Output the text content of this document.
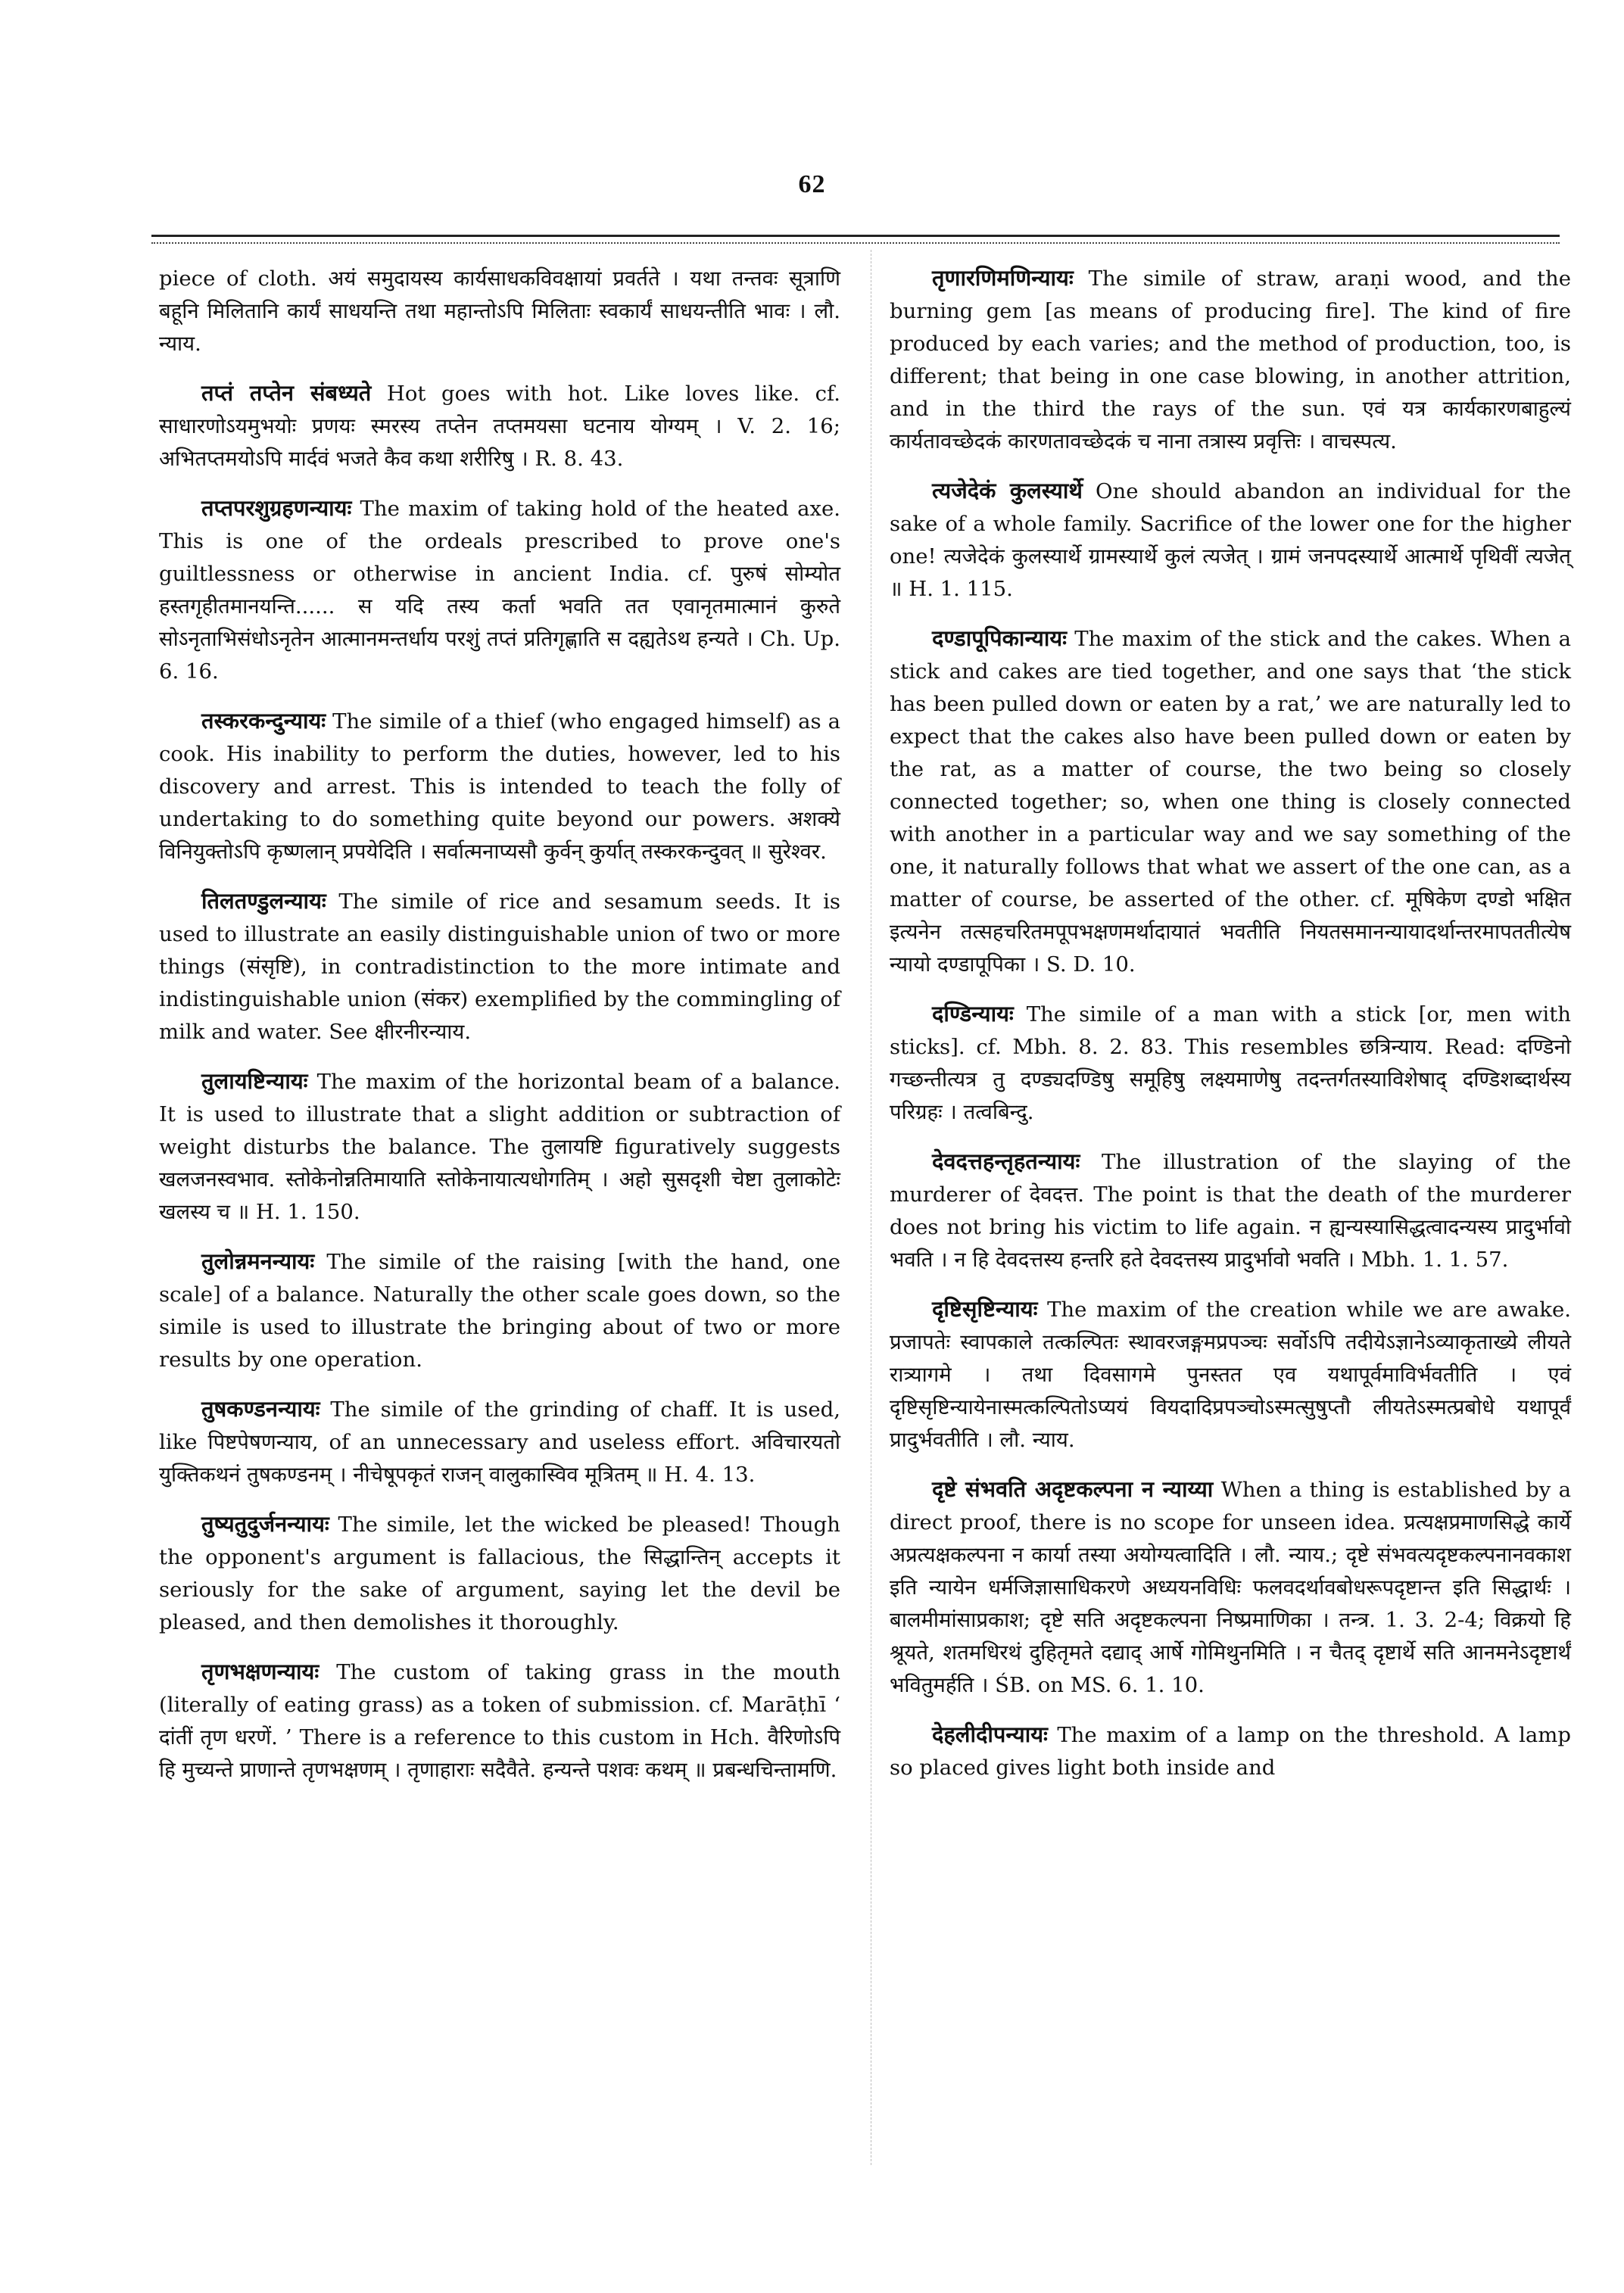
62

piece of cloth. अयं समुदायस्य कार्यसाधकविवक्षायां प्रवर्तते । यथा तन्तवः सूत्राणि बहूनि मिलितानि कार्यं साधयन्ति तथा महान्तोऽपि मिलिताः स्वकार्यं साधयन्तीति भावः । लौ. न्याय.

तप्तं तप्तेन संबध्यते Hot goes with hot. Like loves like. cf. साधारणोऽयमुभयोः प्रणयः स्मरस्य तप्तेन तप्तमयसा घटनाय योग्यम् । V. 2. 16; अभितप्तमयोऽपि मार्दवं भजते कैव कथा शरीरिषु । R. 8. 43.

तप्तपरशुग्रहणन्यायः The maxim of taking hold of the heated axe. This is one of the ordeals prescribed to prove one's guiltlessness or otherwise in ancient India. cf. पुरुषं सोम्योत हस्तगृहीतमानयन्ति...... स यदि तस्य कर्ता भवति तत एवानृतमात्मानं कुरुते सोऽनृताभिसंधोऽनृतेन आत्मानमन्तर्धाय परशुं तप्तं प्रतिगृह्णाति स दह्यतेऽथ हन्यते । Ch. Up. 6. 16.

तस्करकन्दुन्यायः The simile of a thief (who engaged himself) as a cook. His inability to perform the duties, however, led to his discovery and arrest. This is intended to teach the folly of undertaking to do something quite beyond our powers. अशक्ये विनियुक्तोऽपि कृष्णलान् प्रपयेदिति । सर्वात्मनाप्यसौ कुर्वन् कुर्यात् तस्करकन्दुवत् ॥ सुरेश्वर.

तिलतण्डुलन्यायः The simile of rice and sesamum seeds. It is used to illustrate an easily distinguishable union of two or more things (संसृष्टि), in contradistinction to the more intimate and indistinguishable union (संकर) exemplified by the commingling of milk and water. See क्षीरनीरन्याय.

तुलायष्टिन्यायः The maxim of the horizontal beam of a balance. It is used to illustrate that a slight addition or subtraction of weight disturbs the balance. The तुलायष्टि figuratively suggests खलजनस्वभाव. स्तोकेनोन्नतिमायाति स्तोकेनायात्यधोगतिम् । अहो सुसदृशी चेष्टा तुलाकोटेः खलस्य च ॥ H. 1. 150.

तुलोन्नमनन्यायः The simile of the raising [with the hand, one scale] of a balance. Naturally the other scale goes down, so the simile is used to illustrate the bringing about of two or more results by one operation.

तुषकण्डनन्यायः The simile of the grinding of chaff. It is used, like पिष्टपेषणन्याय, of an unnecessary and useless effort. अविचारयतो युक्तिकथनं तुषकण्डनम् । नीचेषूपकृतं राजन् वालुकास्विव मूत्रितम् ॥ H. 4. 13.

तुष्यतुदुर्जनन्यायः The simile, let the wicked be pleased! Though the opponent's argument is fallacious, the सिद्धान्तिन् accepts it seriously for the sake of argument, saying let the devil be pleased, and then demolishes it thoroughly.

तृणभक्षणन्यायः The custom of taking grass in the mouth (literally of eating grass) as a token of submission. cf. Marāṭhī ‘ दांतीं तृण धरणें. ’ There is a reference to this custom in Hch. वैरिणोऽपि हि मुच्यन्ते प्राणान्ते तृणभक्षणम् । तृणाहाराः सदैवैते. हन्यन्ते पशवः कथम् ॥ प्रबन्धचिन्तामणि.

तृणारणिमणिन्यायः The simile of straw, araṇi wood, and the burning gem [as means of producing fire]. The kind of fire produced by each varies; and the method of production, too, is different; that being in one case blowing, in another attrition, and in the third the rays of the sun. एवं यत्र कार्यकारणबाहुल्यं कार्यतावच्छेदकं कारणतावच्छेदकं च नाना तत्रास्य प्रवृत्तिः । वाचस्पत्य.

त्यजेदेकं कुलस्यार्थे One should abandon an individual for the sake of a whole family. Sacrifice of the lower one for the higher one! त्यजेदेकं कुलस्यार्थे ग्रामस्यार्थे कुलं त्यजेत् । ग्रामं जनपदस्यार्थे आत्मार्थे पृथिवीं त्यजेत् ॥ H. 1. 115.

दण्डापूपिकान्यायः The maxim of the stick and the cakes. When a stick and cakes are tied together, and one says that ‘the stick has been pulled down or eaten by a rat,’ we are naturally led to expect that the cakes also have been pulled down or eaten by the rat, as a matter of course, the two being so closely connected together; so, when one thing is closely connected with another in a particular way and we say something of the one, it naturally follows that what we assert of the one can, as a matter of course, be asserted of the other. cf. मूषिकेण दण्डो भक्षित इत्यनेन तत्सहचरितमपूपभक्षणमर्थादायातं भवतीति नियतसमानन्यायादर्थान्तरमापततीत्येष न्यायो दण्डापूपिका । S. D. 10.

दण्डिन्यायः The simile of a man with a stick [or, men with sticks]. cf. Mbh. 8. 2. 83. This resembles छत्रिन्याय. Read: दण्डिनो गच्छन्तीत्यत्र तु दण्ड्यदण्डिषु समूहिषु लक्ष्यमाणेषु तदन्तर्गतस्याविशेषाद् दण्डिशब्दार्थस्य परिग्रहः । तत्वबिन्दु.

देवदत्तहन्तृहतन्यायः The illustration of the slaying of the murderer of देवदत्त. The point is that the death of the murderer does not bring his victim to life again. न ह्यन्यस्यासिद्धत्वादन्यस्य प्रादुर्भावो भवति । न हि देवदत्तस्य हन्तरि हते देवदत्तस्य प्रादुर्भावो भवति । Mbh. 1. 1. 57.

दृष्टिसृष्टिन्यायः The maxim of the creation while we are awake. प्रजापतेः स्वापकाले तत्कल्पितः स्थावरजङ्गमप्रपञ्चः सर्वोऽपि तदीयेऽज्ञानेऽव्याकृताख्ये लीयते रात्र्यागमे । तथा दिवसागमे पुनस्तत एव यथापूर्वमाविर्भवतीति । एवं दृष्टिसृष्टिन्यायेनास्मत्कल्पितोऽप्ययं वियदादिप्रपञ्चोऽस्मत्सुषुप्तौ लीयतेऽस्मत्प्रबोधे यथापूर्वं प्रादुर्भवतीति । लौ. न्याय.

दृष्टे संभवति अदृष्टकल्पना न न्याय्या When a thing is established by a direct proof, there is no scope for unseen idea. प्रत्यक्षप्रमाणसिद्धे कार्ये अप्रत्यक्षकल्पना न कार्या तस्या अयोग्यत्वादिति । लौ. न्याय.; दृष्टे संभवत्यदृष्टकल्पनानवकाश इति न्यायेन धर्मजिज्ञासाधिकरणे अध्ययनविधिः फलवदर्थावबोधरूपदृष्टान्त इति सिद्धार्थः । बालमीमांसाप्रकाश; दृष्टे सति अदृष्टकल्पना निष्प्रमाणिका । तन्त्र. 1. 3. 2-4; विक्रयो हि श्रूयते, शतमधिरथं दुहितृमते दद्याद् आर्षे गोमिथुनमिति । न चैतद् दृष्टार्थे सति आनमनेऽदृष्टार्थं भवितुमर्हति । ŚB. on MS. 6. 1. 10.

देहलीदीपन्यायः The maxim of a lamp on the threshold. A lamp so placed gives light both inside and
